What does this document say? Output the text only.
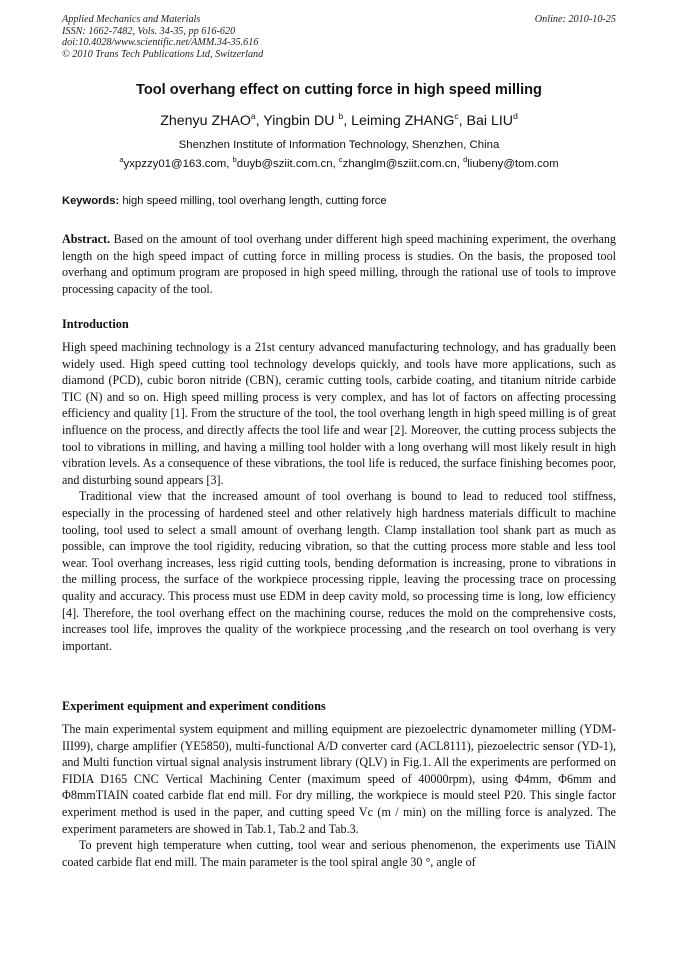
Applied Mechanics and Materials
ISSN: 1662-7482, Vols. 34-35, pp 616-620
doi:10.4028/www.scientific.net/AMM.34-35.616
© 2010 Trans Tech Publications Ltd, Switzerland
Online: 2010-10-25
Tool overhang effect on cutting force in high speed milling
Zhenyu ZHAO$^a$, Yingbin DU $^b$, Leiming ZHANG$^c$, Bai LIU$^d$
Shenzhen Institute of Information Technology, Shenzhen, China
$^a$yxpzzy01@163.com, $^b$duyb@sziit.com.cn, $^c$zhanglm@sziit.com.cn, $^d$liubeny@tom.com
Keywords: high speed milling, tool overhang length, cutting force
Abstract. Based on the amount of tool overhang under different high speed machining experiment, the overhang length on the high speed impact of cutting force in milling process is studies. On the basis, the proposed tool overhang and optimum program are proposed in high speed milling, through the rational use of tools to improve processing capacity of the tool.
Introduction

High speed machining technology is a 21st century advanced manufacturing technology, and has gradually been widely used. High speed cutting tool technology develops quickly, and tools have more applications, such as diamond (PCD), cubic boron nitride (CBN), ceramic cutting tools, carbide coating, and titanium nitride carbide TIC (N) and so on. High speed milling process is very complex, and has lot of factors on affecting processing efficiency and quality [1]. From the structure of the tool, the tool overhang length in high speed milling is of great influence on the process, and directly affects the tool life and wear [2]. Moreover, the cutting process subjects the tool to vibrations in milling, and having a milling tool holder with a long overhang will most likely result in high vibration levels. As a consequence of these vibrations, the tool life is reduced, the surface finishing becomes poor, and disturbing sound appears [3].

Traditional view that the increased amount of tool overhang is bound to lead to reduced tool stiffness, especially in the processing of hardened steel and other relatively high hardness materials difficult to machine tooling, tool used to select a small amount of overhang length. Clamp installation tool shank part as much as possible, can improve the tool rigidity, reducing vibration, so that the cutting process more stable and less tool wear. Tool overhang increases, less rigid cutting tools, bending deformation is increasing, prone to vibrations in the milling process, the surface of the workpiece processing ripple, leaving the processing trace on processing quality and accuracy. This process must use EDM in deep cavity mold, so processing time is long, low efficiency [4]. Therefore, the tool overhang effect on the machining course, reduces the mold on the comprehensive costs, increases tool life, improves the quality of the workpiece processing ,and the research on tool overhang is very important.

Experiment equipment and experiment conditions

The main experimental system equipment and milling equipment are piezoelectric dynamometer milling (YDM-III99), charge amplifier (YE5850), multi-functional A/D converter card (ACL8111), piezoelectric sensor (YD-1), and Multi function virtual signal analysis instrument library (QLV) in Fig.1. All the experiments are performed on FIDIA D165 CNC Vertical Machining Center (maximum speed of 40000rpm), using Φ4mm, Φ6mm and Φ8mmTIAIN coated carbide flat end mill. For dry milling, the workpiece is mould steel P20. This single factor experiment method is used in the paper, and cutting speed Vc (m / min) on the milling force is analyzed. The experiment parameters are showed in Tab.1, Tab.2 and Tab.3.

To prevent high temperature when cutting, tool wear and serious phenomenon, the experiments use TiAlN coated carbide flat end mill. The main parameter is the tool spiral angle 30 °, angle of
